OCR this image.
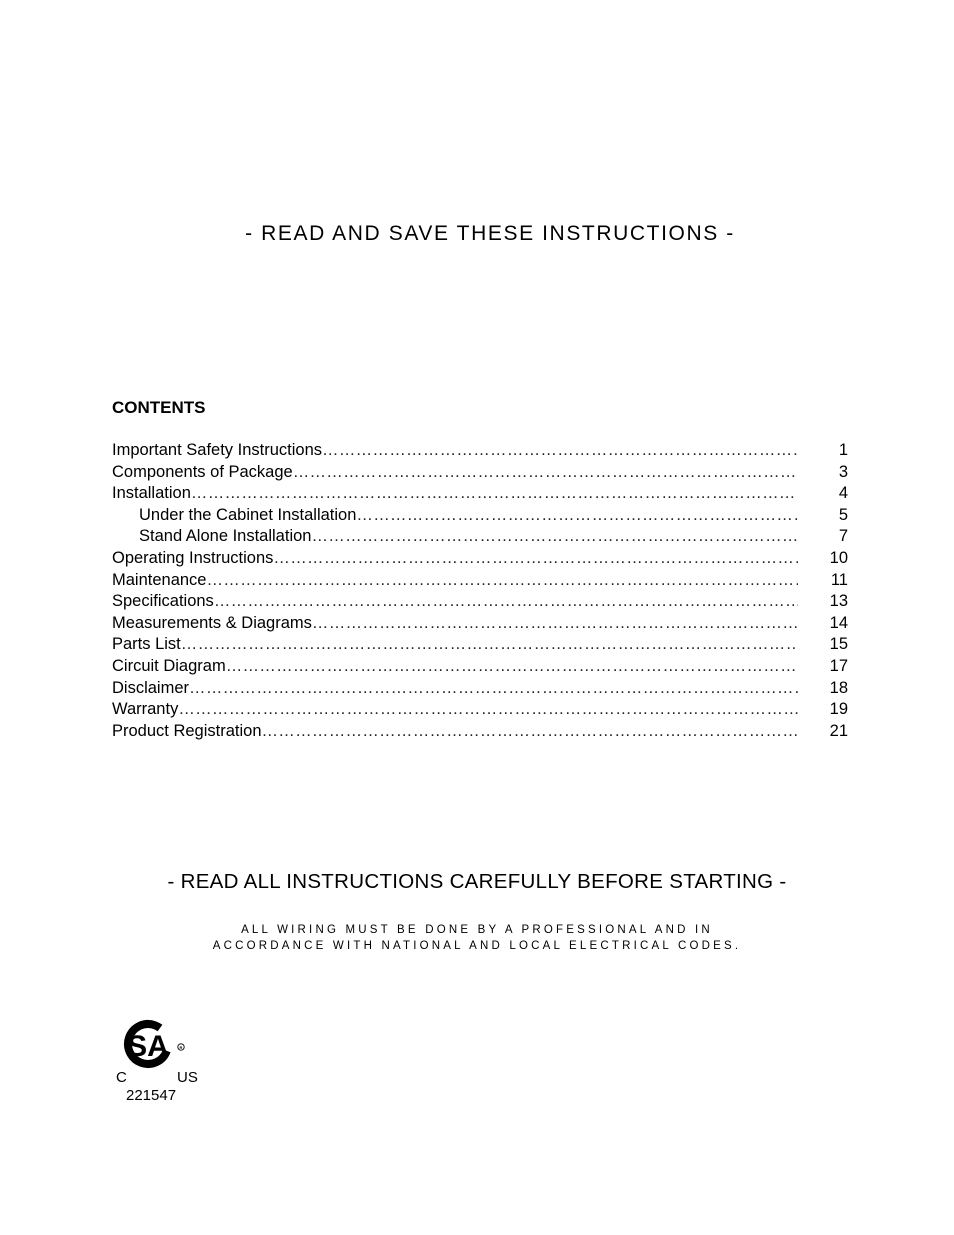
- READ AND SAVE THESE INSTRUCTIONS -
CONTENTS
Important Safety Instructions ……………………………………………………………………………………………………………………………………………………………………………	1
Components of Package ……………………………………………………………………………………………………………………………………………………………………………	3
Installation ……………………………………………………………………………………………………………………………………………………………………………	4
Under the Cabinet Installation ……………………………………………………………………………………………………………………………………………………………………………	5
Stand Alone Installation ……………………………………………………………………………………………………………………………………………………………………………	7
Operating Instructions ……………………………………………………………………………………………………………………………………………………………………………	10
Maintenance ……………………………………………………………………………………………………………………………………………………………………………	11
Specifications ……………………………………………………………………………………………………………………………………………………………………………	13
Measurements & Diagrams ……………………………………………………………………………………………………………………………………………………………………………	14
Parts List ……………………………………………………………………………………………………………………………………………………………………………	15
Circuit Diagram ……………………………………………………………………………………………………………………………………………………………………………	17
Disclaimer ……………………………………………………………………………………………………………………………………………………………………………	18
Warranty ……………………………………………………………………………………………………………………………………………………………………………	19
Product Registration ……………………………………………………………………………………………………………………………………………………………………………	21
- READ ALL INSTRUCTIONS CAREFULLY BEFORE STARTING -
ALL WIRING MUST BE DONE BY A PROFESSIONAL AND IN
ACCORDANCE WITH NATIONAL AND LOCAL ELECTRICAL CODES.
SA	R
C	US
221547
